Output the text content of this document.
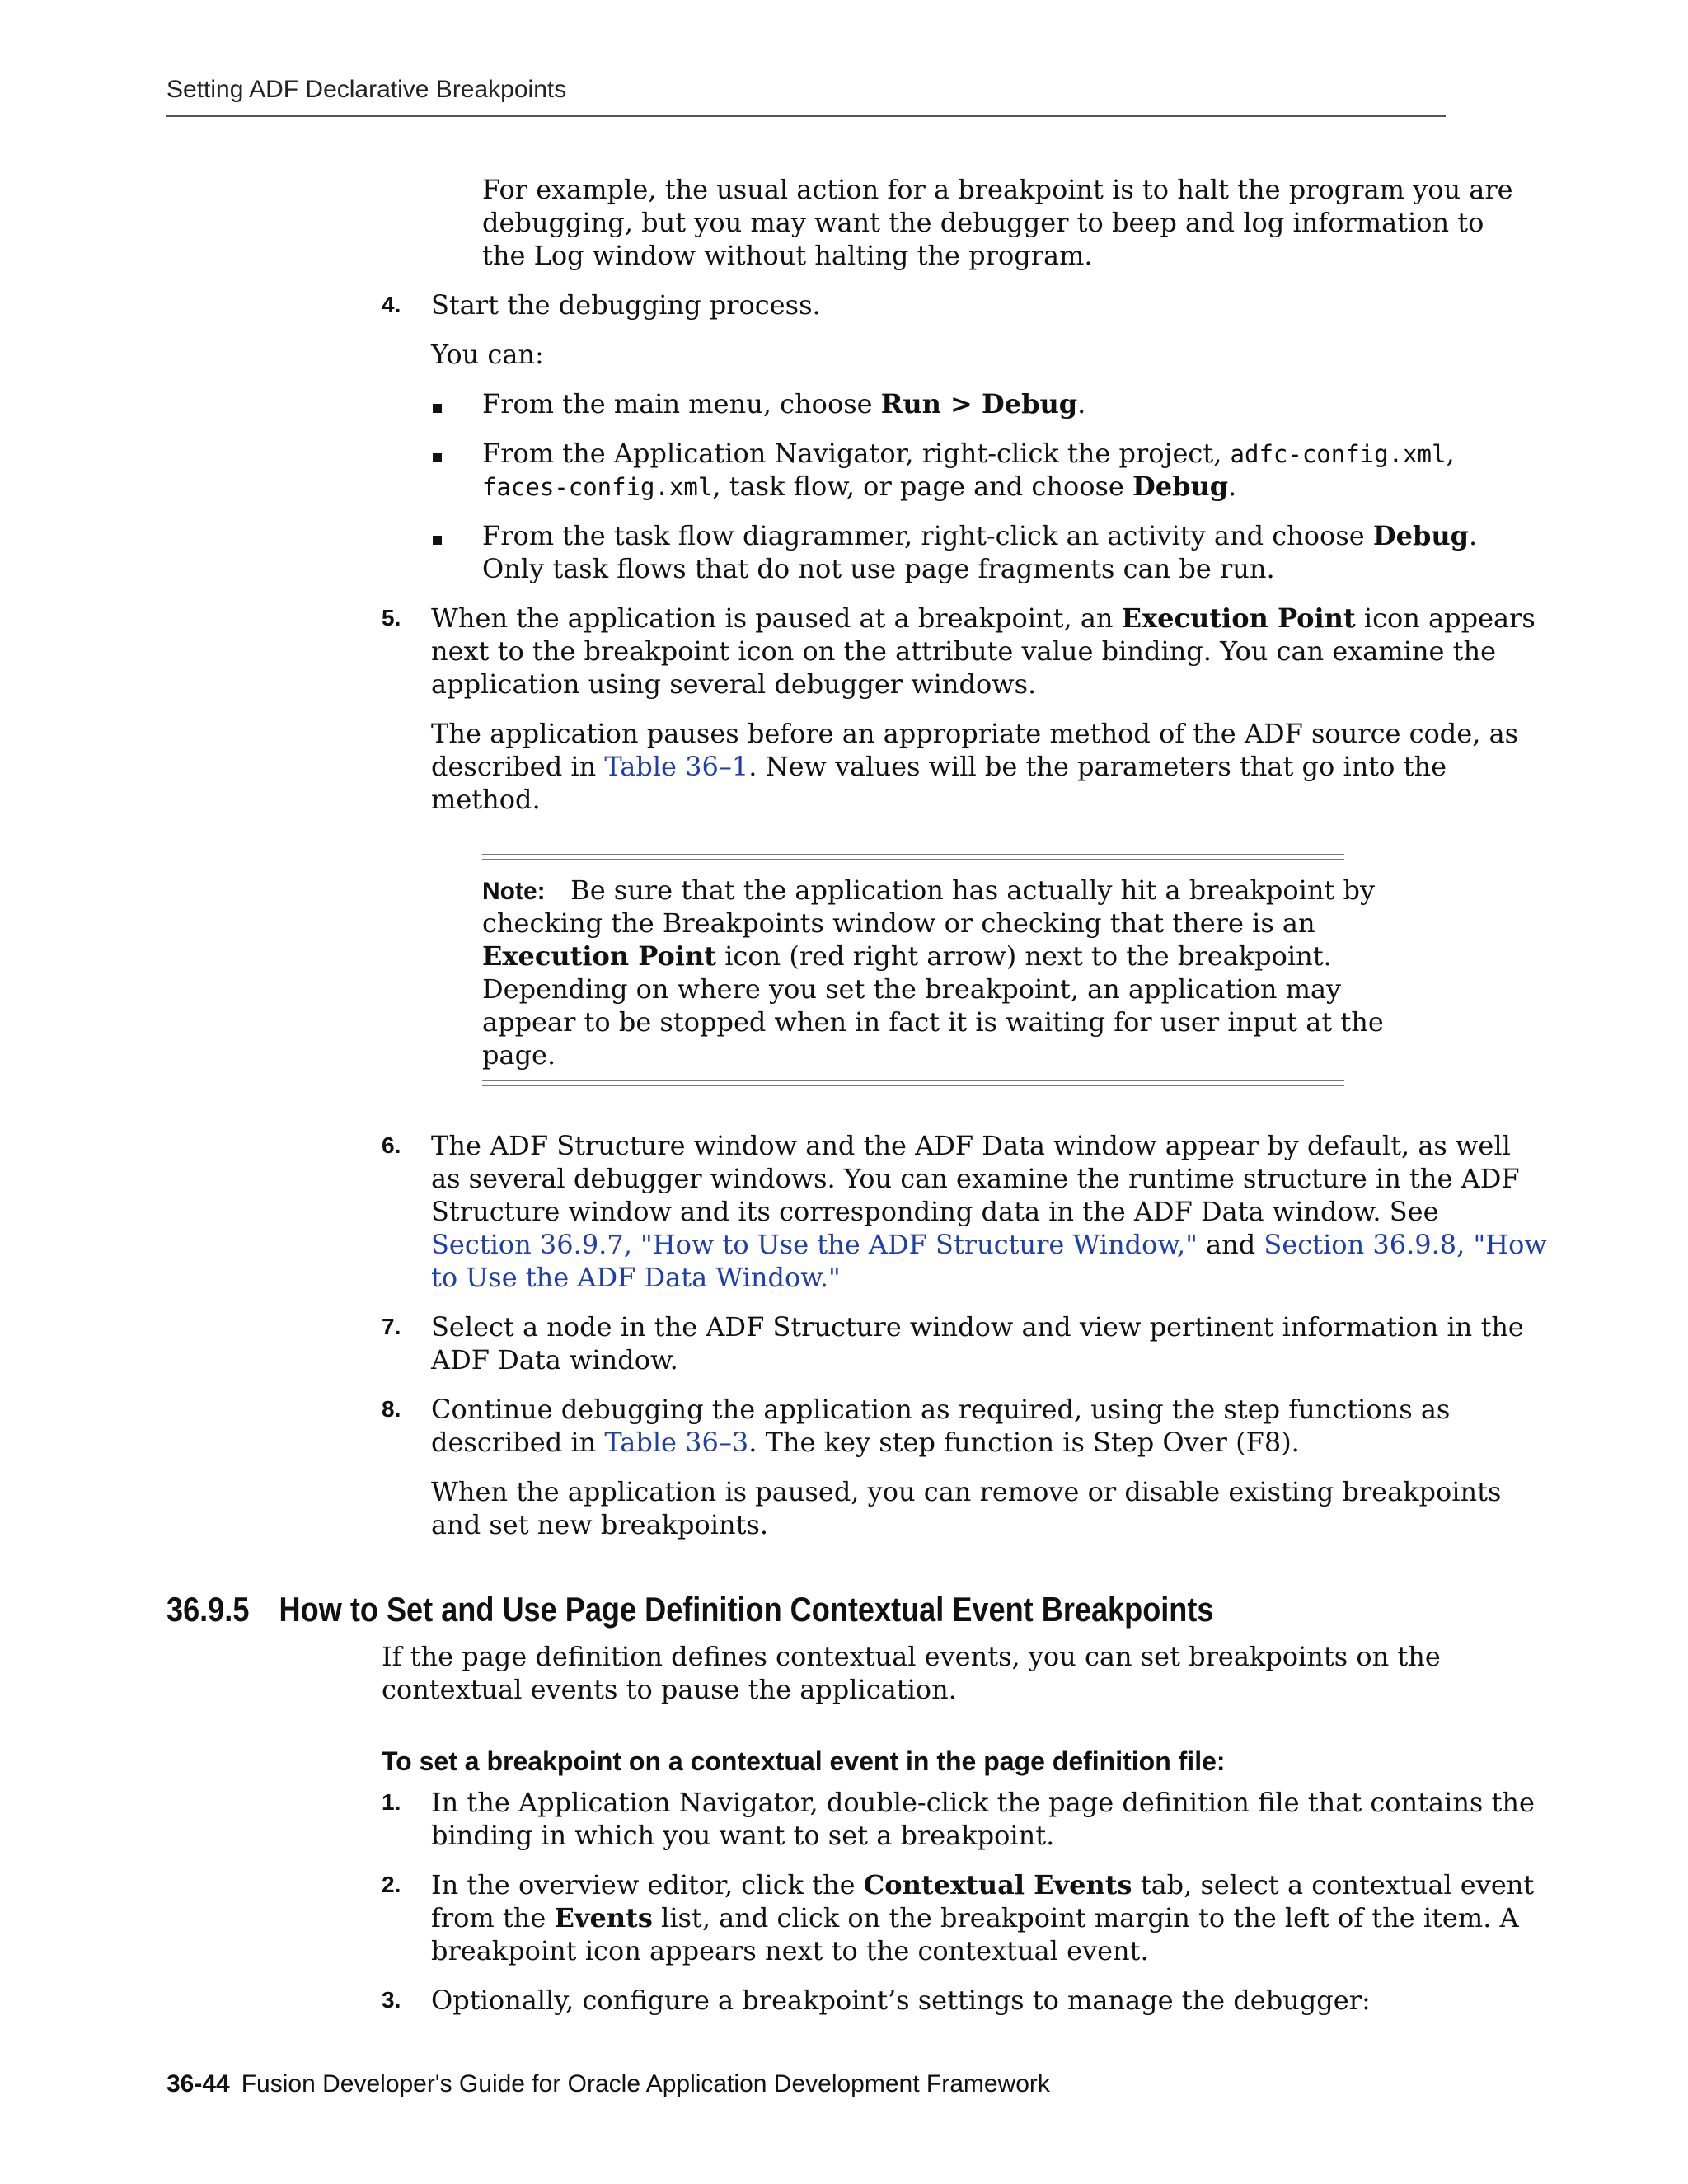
Setting ADF Declarative Breakpoints
For example, the usual action for a breakpoint is to halt the program you are
debugging, but you may want the debugger to beep and log information to
the Log window without halting the program.
4. Start the debugging process.
You can:
From the main menu, choose Run > Debug.
From the Application Navigator, right-click the project, adfc-config.xml,
faces-config.xml, task flow, or page and choose Debug.
From the task flow diagrammer, right-click an activity and choose Debug.
Only task flows that do not use page fragments can be run.
5. When the application is paused at a breakpoint, an Execution Point icon appears
next to the breakpoint icon on the attribute value binding. You can examine the
application using several debugger windows.
The application pauses before an appropriate method of the ADF source code, as
described in Table 36–1. New values will be the parameters that go into the
method.
Note: Be sure that the application has actually hit a breakpoint by
checking the Breakpoints window or checking that there is an
Execution Point icon (red right arrow) next to the breakpoint.
Depending on where you set the breakpoint, an application may
appear to be stopped when in fact it is waiting for user input at the
page.
6. The ADF Structure window and the ADF Data window appear by default, as well
as several debugger windows. You can examine the runtime structure in the ADF
Structure window and its corresponding data in the ADF Data window. See
Section 36.9.7, "How to Use the ADF Structure Window," and Section 36.9.8, "How
to Use the ADF Data Window."
7. Select a node in the ADF Structure window and view pertinent information in the
ADF Data window.
8. Continue debugging the application as required, using the step functions as
described in Table 36–3. The key step function is Step Over (F8).
When the application is paused, you can remove or disable existing breakpoints
and set new breakpoints.
36.9.5 How to Set and Use Page Definition Contextual Event Breakpoints
If the page definition defines contextual events, you can set breakpoints on the
contextual events to pause the application.
To set a breakpoint on a contextual event in the page definition file:
1. In the Application Navigator, double-click the page definition file that contains the
binding in which you want to set a breakpoint.
2. In the overview editor, click the Contextual Events tab, select a contextual event
from the Events list, and click on the breakpoint margin to the left of the item. A
breakpoint icon appears next to the contextual event.
3. Optionally, configure a breakpoint’s settings to manage the debugger:
36-44 Fusion Developer's Guide for Oracle Application Development Framework
